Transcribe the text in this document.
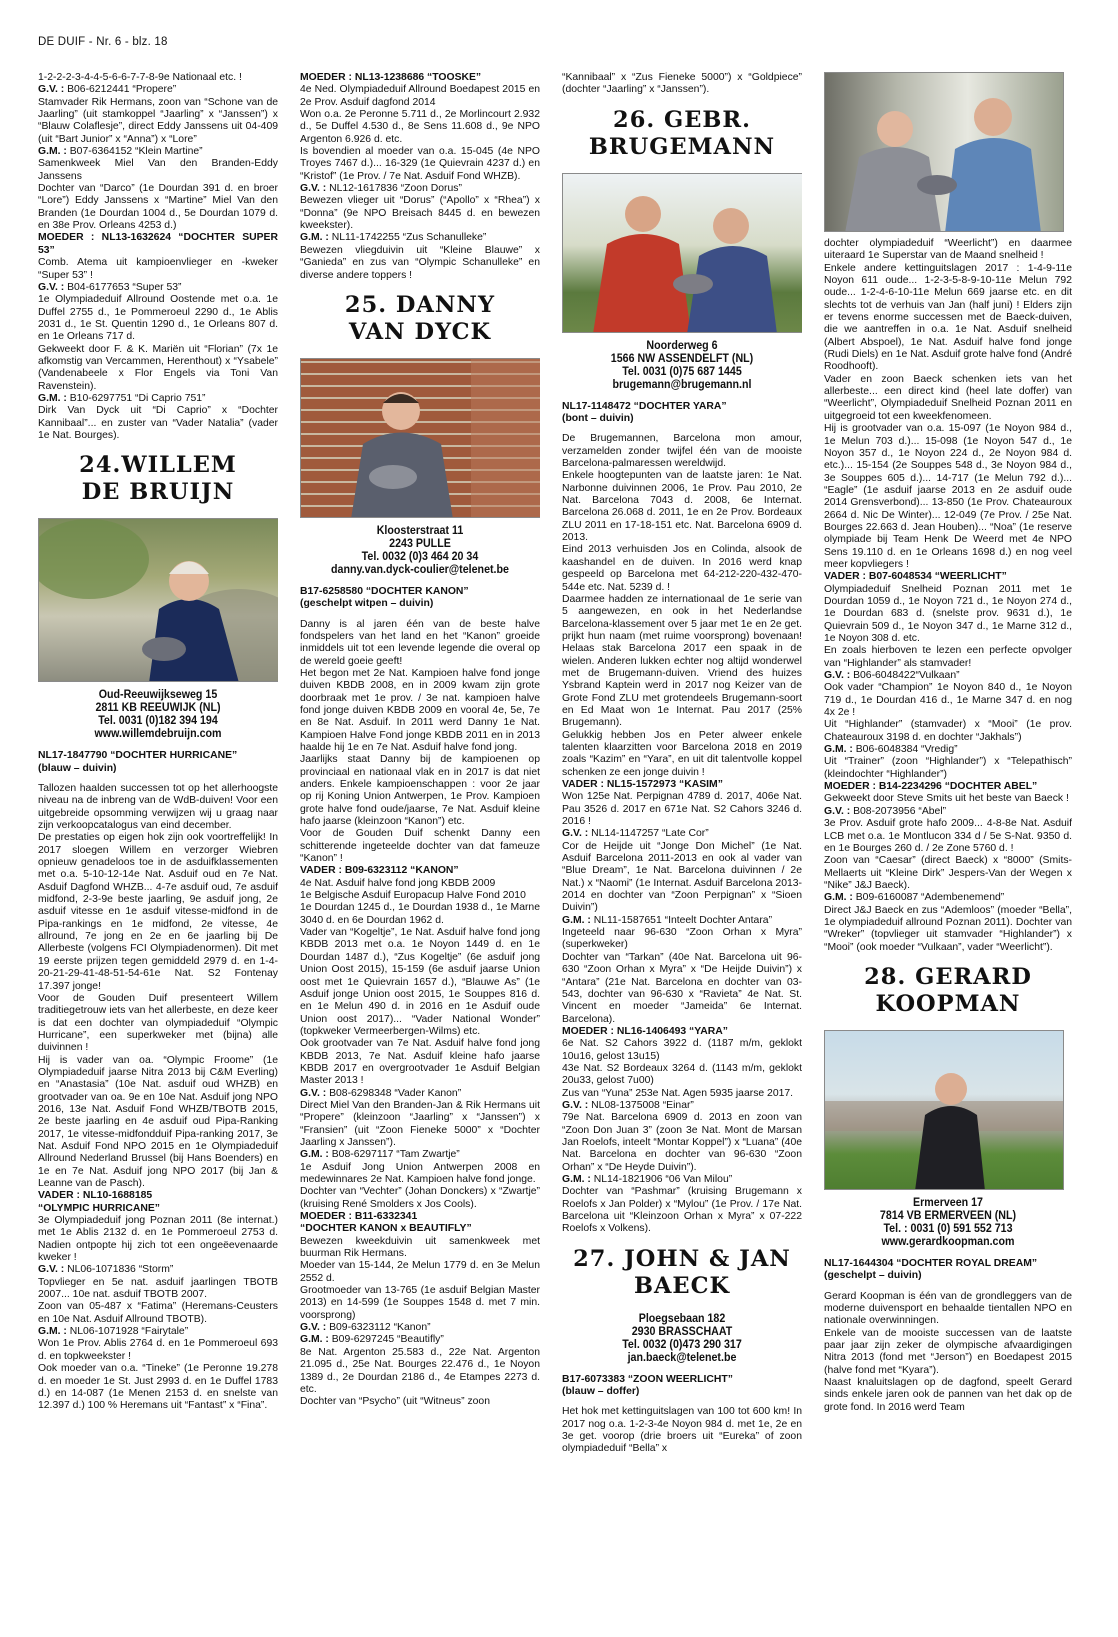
DE DUIF - Nr. 6 - blz. 18

1-2-2-2-3-4-4-5-6-6-7-7-8-9e Nationaal etc. !

G.V. : B06-6212441 “Propere”

Stamvader Rik Hermans, zoon van “Schone van de Jaarling” (uit stamkoppel “Jaarling” x “Janssen”) x “Blauw Colaflesje”, direct Eddy Janssens uit 04-409 (uit “Bart Junior” x “Anna”) x “Lore”

G.M. : B07-6364152 “Klein Martine”

Samenkweek Miel Van den Branden-Eddy Janssens

Dochter van “Darco” (1e Dourdan 391 d. en broer “Lore”) Eddy Janssens x “Martine” Miel Van den Branden (1e Dourdan 1004 d., 5e Dourdan 1079 d. en 38e Prov. Orleans 4253 d.)

MOEDER : NL13-1632624 “DOCHTER SUPER 53”

Comb. Atema uit kampioenvlieger en -kweker “Super 53” !

G.V. : B04-6177653 “Super 53”

1e Olympiadeduif Allround Oostende met o.a. 1e Duffel 2755 d., 1e Pommeroeul 2290 d., 1e Ablis 2031 d., 1e St. Quentin 1290 d., 1e Orleans 807 d. en 1e Orleans 717 d.

Gekweekt door F. & K. Mariën uit “Florian” (7x 1e afkomstig van Vercammen, Herenthout) x “Ysabele” (Vandenabeele x Flor Engels via Toni Van Ravenstein).

G.M. : B10-6297751 “Di Caprio 751”

Dirk Van Dyck uit “Di Caprio” x “Dochter Kannibaal”... en zuster van “Vader Natalia” (vader 1e Nat. Bourges).

24.WILLEM
DE BRUIJN
Oud-Reeuwijkseweg 15
2811 KB REEUWIJK (NL)
Tel. 0031 (0)182 394 194
www.willemdebruijn.com
NL17-1847790 “DOCHTER HURRICANE”
(blauw – duivin)

Tallozen haalden successen tot op het allerhoogste niveau na de inbreng van de WdB-duiven! Voor een uitgebreide opsomming verwijzen wij u graag naar zijn verkoopcatalogus van eind december.

De prestaties op eigen hok zijn ook voortreffelijk! In 2017 sloegen Willem en verzorger Wiebren opnieuw genadeloos toe in de asduifklassementen met o.a. 5-10-12-14e Nat. Asduif oud en 7e Nat. Asduif Dagfond WHZB... 4-7e asduif oud, 7e asduif midfond, 2-3-9e beste jaarling, 9e asduif jong, 2e asduif vitesse en 1e asduif vitesse-midfond in de Pipa-rankings en 1e midfond, 2e vitesse, 4e allround, 7e jong en 2e en 6e jaarling bij De Allerbeste (volgens FCI Olympiadenormen). Dit met 19 eerste prijzen tegen gemiddeld 2979 d. en 1-4-20-21-29-41-48-51-54-61e Nat. S2 Fontenay 17.397 jonge!

Voor de Gouden Duif presenteert Willem traditiegetrouw iets van het allerbeste, en deze keer is dat een dochter van olympiadeduif “Olympic Hurricane”, een superkweker met (bijna) alle duivinnen !

Hij is vader van oa. “Olympic Froome” (1e Olympiadeduif jaarse Nitra 2013 bij C&M Everling) en “Anastasia” (10e Nat. asduif oud WHZB) en grootvader van oa. 9e en 10e Nat. Asduif jong NPO 2016, 13e Nat. Asduif Fond WHZB/TBOTB 2015, 2e beste jaarling en 4e asduif oud Pipa-Ranking 2017, 1e vitesse-midfondduif Pipa-ranking 2017, 3e Nat. Asduif Fond NPO 2015 en 1e Olympiadeduif Allround Nederland Brussel (bij Hans Boenders) en 1e en 7e Nat. Asduif jong NPO 2017 (bij Jan & Leanne van de Pasch).

VADER : NL10-1688185

“OLYMPIC HURRICANE”

3e Olympiadeduif jong Poznan 2011 (8e internat.) met 1e Ablis 2132 d. en 1e Pommeroeul 2753 d. Nadien ontpopte hij zich tot een ongeëevenaarde kweker !

G.V. : NL06-1071836 “Storm”

Topvlieger en 5e nat. asduif jaarlingen TBOTB 2007... 10e nat. asduif TBOTB 2007.

Zoon van 05-487 x “Fatima” (Heremans-Ceusters en 10e Nat. Asduif Allround TBOTB).

G.M. : NL06-1071928 “Fairytale”

Won 1e Prov. Ablis 2764 d. en 1e Pommeroeul 693 d. en topkweekster !

Ook moeder van o.a. “Tineke” (1e Peronne 19.278 d. en moeder 1e St. Just 2993 d. en 1e Duffel 1783 d.) en 14-087 (1e Menen 2153 d. en snelste van 12.397 d.) 100 % Heremans uit “Fantast” x “Fina”.

MOEDER : NL13-1238686 “TOOSKE”

4e Ned. Olympiadeduif Allround Boedapest 2015 en 2e Prov. Asduif dagfond 2014

Won o.a. 2e Peronne 5.711 d., 2e Morlincourt 2.932 d., 5e Duffel 4.530 d., 8e Sens 11.608 d., 9e NPO Argenton 6.926 d. etc.

Is bovendien al moeder van o.a. 15-045 (4e NPO Troyes 7467 d.)... 16-329 (1e Quievrain 4237 d.) en “Kristof” (1e Prov. / 7e Nat. Asduif Fond WHZB).

G.V. : NL12-1617836 “Zoon Dorus”

Bewezen vlieger uit “Dorus” (“Apollo” x “Rhea”) x “Donna” (9e NPO Breisach 8445 d. en bewezen kweekster).

G.M. : NL11-1742255 “Zus Schanulleke”

Bewezen vliegduivin uit “Kleine Blauwe” x “Ganieda” en zus van “Olympic Schanulleke” en diverse andere toppers !

25. DANNY
VAN DYCK
Kloosterstraat 11
2243 PULLE
Tel. 0032 (0)3 464 20 34
danny.van.dyck-coulier@telenet.be
B17-6258580 “DOCHTER KANON”
(geschelpt witpen – duivin)

Danny is al jaren één van de beste halve fondspelers van het land en het “Kanon” groeide inmiddels uit tot een levende legende die overal op de wereld goeie geeft!

Het begon met 2e Nat. Kampioen halve fond jonge duiven KBDB 2008, en in 2009 kwam zijn grote doorbraak met 1e prov. / 3e nat. kampioen halve fond jonge duiven KBDB 2009 en vooral 4e, 5e, 7e en 8e Nat. Asduif. In 2011 werd Danny 1e Nat. Kampioen Halve Fond jonge KBDB 2011 en in 2013 haalde hij 1e en 7e Nat. Asduif halve fond jong.

Jaarlijks staat Danny bij de kampioenen op provinciaal en nationaal vlak en in 2017 is dat niet anders. Enkele kampioenschappen : voor 2e jaar op rij Koning Union Antwerpen, 1e Prov. Kampioen grote halve fond oude/jaarse, 7e Nat. Asduif kleine hafo jaarse (kleinzoon “Kanon”) etc.

Voor de Gouden Duif schenkt Danny een schitterende ingeteelde dochter van dat fameuze “Kanon” !

VADER : B09-6323112 “KANON”

4e Nat. Asduif halve fond jong KBDB 2009

1e Belgische Asduif Europacup Halve Fond 2010

1e Dourdan 1245 d., 1e Dourdan 1938 d., 1e Marne 3040 d. en 6e Dourdan 1962 d.

Vader van “Kogeltje”, 1e Nat. Asduif halve fond jong KBDB 2013 met o.a. 1e Noyon 1449 d. en 1e Dourdan 1487 d.), “Zus Kogeltje” (6e asduif jong Union Oost 2015), 15-159 (6e asduif jaarse Union oost met 1e Quievrain 1657 d.), “Blauwe As” (1e Asduif jonge Union oost 2015, 1e Souppes 816 d. en 1e Melun 490 d. in 2016 en 1e Asduif oude Union oost 2017)... “Vader National Wonder” (topkweker Vermeerbergen-Wilms) etc.

Ook grootvader van 7e Nat. Asduif halve fond jong KBDB 2013, 7e Nat. Asduif kleine hafo jaarse KBDB 2017 en overgrootvader 1e Asduif Belgian Master 2013 !

G.V. : B08-6298348 “Vader Kanon”

Direct Miel Van den Branden-Jan & Rik Hermans uit “Propere” (kleinzoon “Jaarling” x “Janssen”) x “Fransien” (uit “Zoon Fieneke 5000” x “Dochter Jaarling x Janssen”).

G.M. : B08-6297117 “Tam Zwartje”

1e Asduif Jong Union Antwerpen 2008 en medewinnares 2e Nat. Kampioen halve fond jonge.

Dochter van “Vechter” (Johan Donckers) x “Zwartje” (kruising René Smolders x Jos Cools).

MOEDER : B11-6332341

“DOCHTER KANON x BEAUTIFLY”

Bewezen kweekduivin uit samenkweek met buurman Rik Hermans.

Moeder van 15-144, 2e Melun 1779 d. en 3e Melun 2552 d.

Grootmoeder van 13-765 (1e asduif Belgian Master 2013) en 14-599 (1e Souppes 1548 d. met 7 min. voorsprong)

G.V. : B09-6323112 “Kanon”

G.M. : B09-6297245 “Beautifly”

8e Nat. Argenton 25.583 d., 22e Nat. Argenton 21.095 d., 25e Nat. Bourges 22.476 d., 1e Noyon 1389 d., 2e Dourdan 2186 d., 4e Etampes 2273 d. etc.

Dochter van “Psycho” (uit “Witneus” zoon

“Kannibaal” x “Zus Fieneke 5000”) x “Goldpiece” (dochter “Jaarling” x “Janssen”).

26. GEBR.
BRUGEMANN
Noorderweg 6
1566 NW ASSENDELFT (NL)
Tel. 0031 (0)75 687 1445
brugemann@brugemann.nl
NL17-1148472 “DOCHTER YARA”
(bont – duivin)

De Brugemannen, Barcelona mon amour, verzamelden zonder twijfel één van de mooiste Barcelona-palmaressen wereldwijd.

Enkele hoogtepunten van de laatste jaren: 1e Nat. Narbonne duivinnen 2006, 1e Prov. Pau 2010, 2e Nat. Barcelona 7043 d. 2008, 6e Internat. Barcelona 26.068 d. 2011, 1e en 2e Prov. Bordeaux ZLU 2011 en 17-18-151 etc. Nat. Barcelona 6909 d. 2013.

Eind 2013 verhuisden Jos en Colinda, alsook de kaashandel en de duiven. In 2016 werd knap gespeeld op Barcelona met 64-212-220-432-470-544e etc. Nat. 5239 d. !

Daarmee hadden ze internationaal de 1e serie van 5 aangewezen, en ook in het Nederlandse Barcelona-klassement over 5 jaar met 1e en 2e get. prijkt hun naam (met ruime voorsprong) bovenaan! Helaas stak Barcelona 2017 een spaak in de wielen. Anderen lukken echter nog altijd wonderwel met de Brugemann-duiven. Vriend des huizes Ysbrand Kaptein werd in 2017 nog Keizer van de Grote Fond ZLU met grotendeels Brugemann-soort en Ed Maat won 1e Internat. Pau 2017 (25% Brugemann).

Gelukkig hebben Jos en Peter alweer enkele talenten klaarzitten voor Barcelona 2018 en 2019 zoals “Kazim” en “Yara”, en uit dit talentvolle koppel schenken ze een jonge duivin !

VADER : NL15-1572973 “KASIM”

Won 125e Nat. Perpignan 4789 d. 2017, 406e Nat. Pau 3526 d. 2017 en 671e Nat. S2 Cahors 3246 d. 2016 !

G.V. : NL14-1147257 “Late Cor”

Cor de Heijde uit “Jonge Don Michel” (1e Nat. Asduif Barcelona 2011-2013 en ook al vader van “Blue Dream”, 1e Nat. Barcelona duivinnen / 2e Nat.) x “Naomi” (1e Internat. Asduif Barcelona 2013-2014 en dochter van “Zoon Perpignan” x “Sioen Duivin”)

G.M. : NL11-1587651 “Inteelt Dochter Antara”

Ingeteeld naar 96-630 “Zoon Orhan x Myra” (superkweker)

Dochter van “Tarkan” (40e Nat. Barcelona uit 96-630 “Zoon Orhan x Myra” x “De Heijde Duivin”) x “Antara” (21e Nat. Barcelona en dochter van 03-543, dochter van 96-630 x “Ravieta” 4e Nat. St. Vincent en moeder “Jameida” 6e Internat. Barcelona).

MOEDER : NL16-1406493 “YARA”

6e Nat. S2 Cahors 3922 d. (1187 m/m, geklokt 10u16, gelost 13u15)

43e Nat. S2 Bordeaux 3264 d. (1143 m/m, geklokt 20u33, gelost 7u00)

Zus van “Yuna” 253e Nat. Agen 5935 jaarse 2017.

G.V. : NL08-1375008 “Einar”

79e Nat. Barcelona 6909 d. 2013 en zoon van “Zoon Don Juan 3” (zoon 3e Nat. Mont de Marsan Jan Roelofs, inteelt “Montar Koppel”) x “Luana” (40e Nat. Barcelona en dochter van 96-630 “Zoon Orhan” x “De Heyde Duivin”).

G.M. : NL14-1821906 “06 Van Milou”

Dochter van “Pashmar” (kruising Brugemann x Roelofs x Jan Polder) x “Mylou” (1e Prov. / 17e Nat. Barcelona uit “Kleinzoon Orhan x Myra” x 07-222 Roelofs x Volkens).

27. JOHN & JAN
BAECK
Ploegsebaan 182
2930 BRASSCHAAT
Tel. 0032 (0)473 290 317
jan.baeck@telenet.be
B17-6073383 “ZOON WEERLICHT”
(blauw – doffer)

Het hok met kettinguitslagen van 100 tot 600 km! In 2017 nog o.a. 1-2-3-4e Noyon 984 d. met 1e, 2e en 3e get. voorop (drie broers uit “Eureka” of zoon olympiadeduif “Bella” x

dochter olympiadeduif “Weerlicht”) en daarmee uiteraard 1e Superstar van de Maand snelheid !

Enkele andere kettinguitslagen 2017 : 1-4-9-11e Noyon 611 oude... 1-2-3-5-8-9-10-11e Melun 792 oude... 1-2-4-6-10-11e Melun 669 jaarse etc. en dit slechts tot de verhuis van Jan (half juni) ! Elders zijn er tevens enorme successen met de Baeck-duiven, die we aantreffen in o.a. 1e Nat. Asduif snelheid (Albert Abspoel), 1e Nat. Asduif halve fond jonge (Rudi Diels) en 1e Nat. Asduif grote halve fond (André Roodhooft).

Vader en zoon Baeck schenken iets van het allerbeste... een direct kind (heel late doffer) van “Weerlicht”, Olympiadeduif Snelheid Poznan 2011 en uitgegroeid tot een kweekfenomeen.

Hij is grootvader van o.a. 15-097 (1e Noyon 984 d., 1e Melun 703 d.)... 15-098 (1e Noyon 547 d., 1e Noyon 357 d., 1e Noyon 224 d., 2e Noyon 984 d. etc.)... 15-154 (2e Souppes 548 d., 3e Noyon 984 d., 3e Souppes 605 d.)... 14-717 (1e Melun 792 d.)... “Eagle” (1e asduif jaarse 2013 en 2e asduif oude 2014 Grensverbond)... 13-850 (1e Prov. Chateauroux 2664 d. Nic De Winter)... 12-049 (7e Prov. / 25e Nat. Bourges 22.663 d. Jean Houben)... “Noa” (1e reserve olympiade bij Team Henk De Weerd met 4e NPO Sens 19.110 d. en 1e Orleans 1698 d.) en nog veel meer kopvliegers !

VADER : B07-6048534 “WEERLICHT”

Olympiadeduif Snelheid Poznan 2011 met 1e Dourdan 1059 d., 1e Noyon 721 d., 1e Noyon 274 d., 1e Dourdan 683 d. (snelste prov. 9631 d.), 1e Quievrain 509 d., 1e Noyon 347 d., 1e Marne 312 d., 1e Noyon 308 d. etc.

En zoals hierboven te lezen een perfecte opvolger van “Highlander” als stamvader!

G.V. : B06-6048422“Vulkaan”

Ook vader “Champion” 1e Noyon 840 d., 1e Noyon 719 d., 1e Dourdan 416 d., 1e Marne 347 d. en nog 4x 2e !

Uit “Highlander” (stamvader) x “Mooi” (1e prov. Chateauroux 3198 d. en dochter “Jakhals”)

G.M. : B06-6048384 “Vredig”

Uit “Trainer” (zoon “Highlander”) x “Telepathisch” (kleindochter “Highlander”)

MOEDER : B14-2234296 “DOCHTER ABEL”

Gekweekt door Steve Smits uit het beste van Baeck !

G.V. : B08-2073956 “Abel”

3e Prov. Asduif grote hafo 2009... 4-8-8e Nat. Asduif LCB met o.a. 1e Montlucon 334 d / 5e S-Nat. 9350 d. en 1e Bourges 260 d. / 2e Zone 5760 d. !

Zoon van “Caesar” (direct Baeck) x “8000” (Smits-Mellaerts uit “Kleine Dirk” Jespers-Van der Wegen x “Nike” J&J Baeck).

G.M. : B09-6160087 “Adembenemend”

Direct J&J Baeck en zus “Ademloos” (moeder “Bella”, 1e olympiadeduif allround Poznan 2011). Dochter van “Wreker” (topvlieger uit stamvader “Highlander”) x “Mooi” (ook moeder “Vulkaan”, vader “Weerlicht”).

28. GERARD
KOOPMAN
Ermerveen 17
7814 VB ERMERVEEN (NL)
Tel. : 0031 (0) 591 552 713
www.gerardkoopman.com
NL17-1644304 “DOCHTER ROYAL DREAM”
(geschelpt – duivin)

Gerard Koopman is één van de grondleggers van de moderne duivensport en behaalde tientallen NPO en nationale overwinningen.

Enkele van de mooiste successen van de laatste paar jaar zijn zeker de olympische afvaardigingen Nitra 2013 (fond met “Jerson”) en Boedapest 2015 (halve fond met “Kyara”).

Naast knaluitslagen op de dagfond, speelt Gerard sinds enkele jaren ook de pannen van het dak op de grote fond. In 2016 werd Team
